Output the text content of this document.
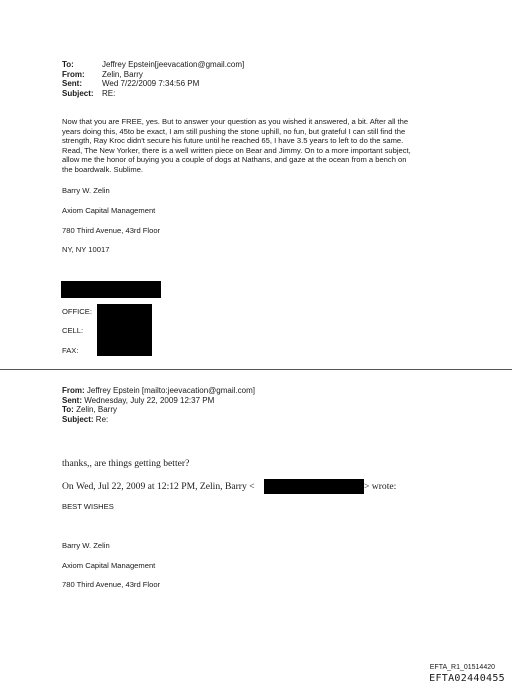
To:	Jeffrey Epstein[jeevacation@gmail.com]
From: Zelin, Barry
Sent:	Wed 7/22/2009 7:34:56 PM
Subject: RE:
Now that you are FREE, yes. But to answer your question as you wished it answered, a bit. After all the
years doing this, 45to be exact, I am still pushing the stone uphill, no fun, but grateful I can still find the
strength, Ray Kroc didn't secure his future until he reached 65, I have 3.5 years to left to do the same.
Read, The New Yorker, there is a well written piece on Bear and Jimmy. On to a more important subject,
allow me the honor of buying you a couple of dogs at Nathans, and gaze at the ocean from a bench on
the boardwalk. Sublime.
Barry W. Zelin
Axiom Capital Management
780 Third Avenue, 43rd Floor
NY, NY 10017
OFFICE:
CELL:
FAX:
From: Jeffrey Epstein [mailto:jeevacation@gmail.com]
Sent: Wednesday, July 22, 2009 12:37 PM
To: Zelin, Barry
Subject: Re:
thanks,, are things getting better?
On Wed, Jul 22, 2009 at 12:12 PM, Zelin, Barry <	> wrote:
BEST WISHES
Barry W. Zelin
Axiom Capital Management
780 Third Avenue, 43rd Floor
EFTA_R1_01514420
EFTA02440455
